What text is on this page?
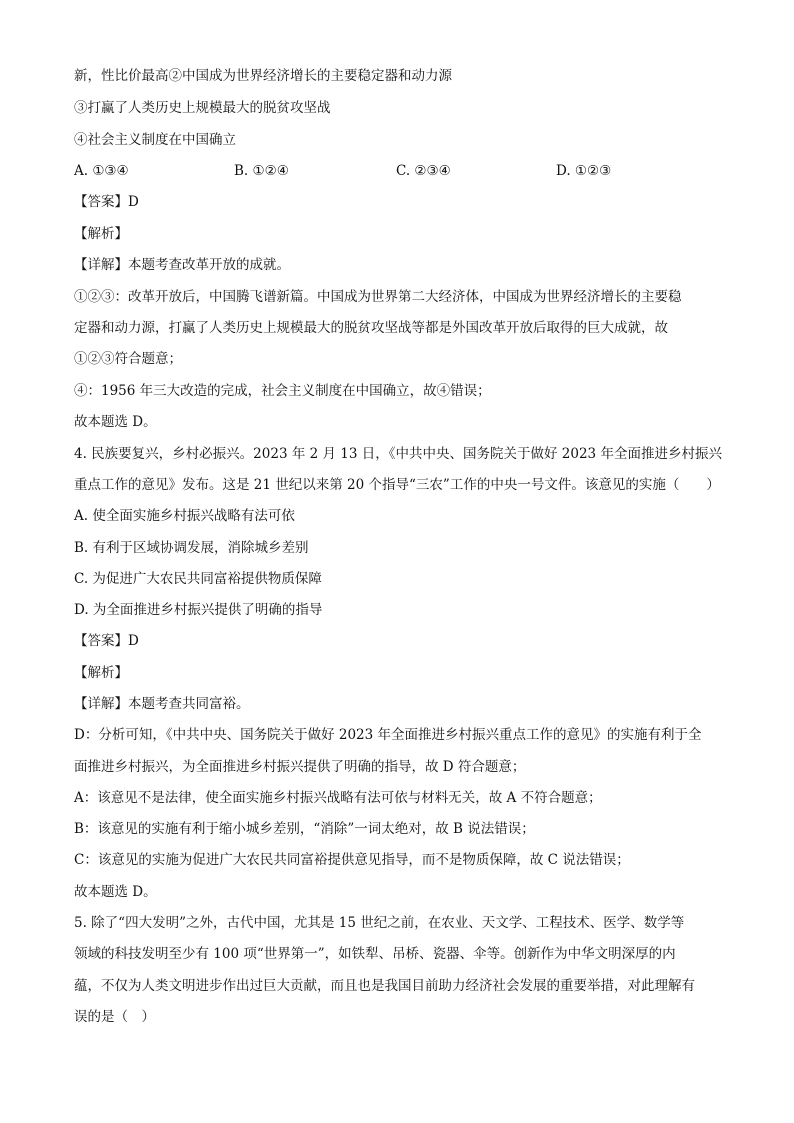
新，性比价最高②中国成为世界经济增长的主要稳定器和动力源
③打赢了人类历史上规模最大的脱贫攻坚战
④社会主义制度在中国确立
A. ①③④	B. ①②④	C. ②③④	D. ①②③
【答案】D
【解析】
【详解】本题考查改革开放的成就。
①②③：改革开放后，中国腾飞谱新篇。中国成为世界第二大经济体，中国成为世界经济增长的主要稳
定器和动力源，打赢了人类历史上规模最大的脱贫攻坚战等都是外国改革开放后取得的巨大成就，故
①②③符合题意；
④：1956 年三大改造的完成，社会主义制度在中国确立，故④错误；
故本题选 D。
4. 民族要复兴，乡村必振兴。2023 年 2 月 13 日，《中共中央、国务院关于做好 2023 年全面推进乡村振兴
重点工作的意见》发布。这是 21 世纪以来第 20 个指导“三农”工作的中央一号文件。该意见的实施（　　）
A. 使全面实施乡村振兴战略有法可依
B. 有利于区域协调发展，消除城乡差别
C. 为促进广大农民共同富裕提供物质保障
D. 为全面推进乡村振兴提供了明确的指导
【答案】D
【解析】
【详解】本题考查共同富裕。
D：分析可知，《中共中央、国务院关于做好 2023 年全面推进乡村振兴重点工作的意见》的实施有利于全
面推进乡村振兴，为全面推进乡村振兴提供了明确的指导，故 D 符合题意；
A：该意见不是法律，使全面实施乡村振兴战略有法可依与材料无关，故 A 不符合题意；
B：该意见的实施有利于缩小城乡差别，“消除”一词太绝对，故 B 说法错误；
C：该意见的实施为促进广大农民共同富裕提供意见指导，而不是物质保障，故 C 说法错误；
故本题选 D。
5. 除了“四大发明”之外，古代中国，尤其是 15 世纪之前，在农业、天文学、工程技术、医学、数学等
领域的科技发明至少有 100 项“世界第一”，如铁犁、吊桥、瓷器、伞等。创新作为中华文明深厚的内
蕴，不仅为人类文明进步作出过巨大贡献，而且也是我国目前助力经济社会发展的重要举措，对此理解有
误的是（　）
